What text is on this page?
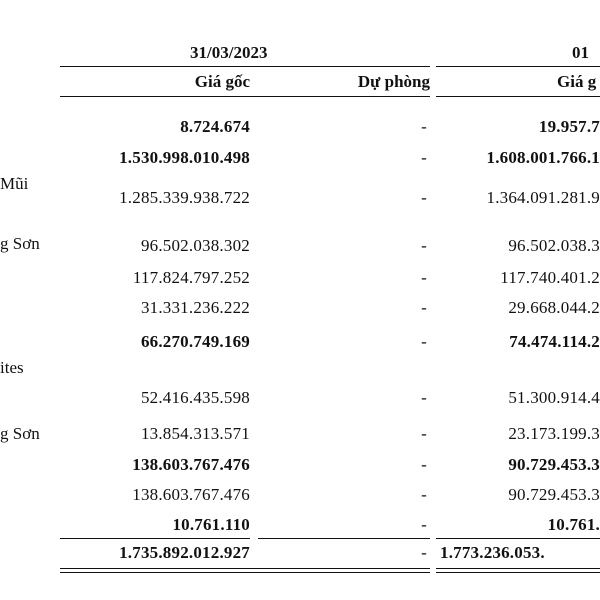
31/03/2023	01
Giá gốc	Dự phòng	Giá g
8.724.674	-	19.957.7
1.530.998.010.498	-	1.608.001.766.1
Mũi
1.285.339.938.722	-	1.364.091.281.9
g Sơn	96.502.038.302	-	96.502.038.3
117.824.797.252	-	117.740.401.2
31.331.236.222	-	29.668.044.2
66.270.749.169	-	74.474.114.2
ites
52.416.435.598	-	51.300.914.4
g Sơn	13.854.313.571	-	23.173.199.3
138.603.767.476	-	90.729.453.3
138.603.767.476	-	90.729.453.3
10.761.110	-	10.761.
1.735.892.012.927	- 1.773.236.053.
